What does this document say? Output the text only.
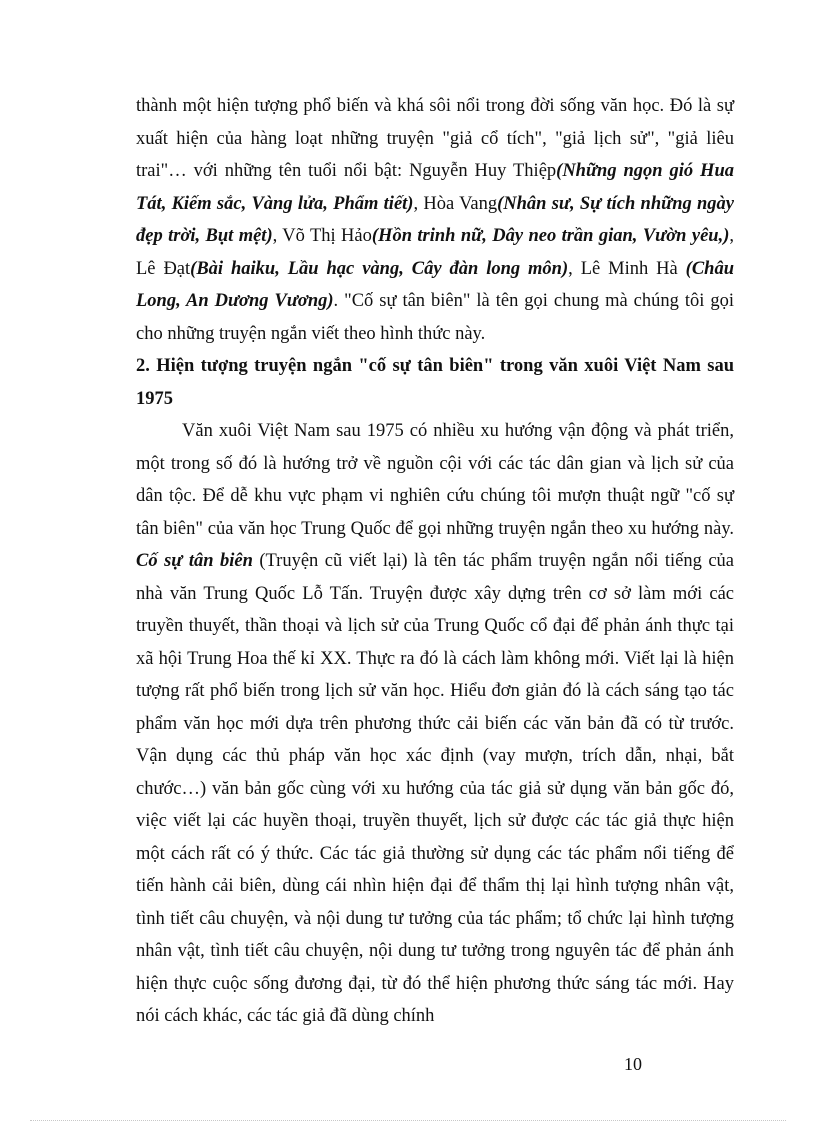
thành một hiện tượng phổ biến và khá sôi nổi trong đời sống văn học. Đó là sự xuất hiện của hàng loạt những truyện "giả cổ tích", "giả lịch sử", "giả liêu trai"… với những tên tuổi nổi bật: Nguyễn Huy Thiệp(Những ngọn gió Hua Tát, Kiếm sắc, Vàng lửa, Phẩm tiết), Hòa Vang(Nhân sư, Sự tích những ngày đẹp trời, Bụt mệt), Võ Thị Hảo(Hồn trinh nữ, Dây neo trần gian, Vườn yêu,), Lê Đạt(Bài haiku, Lầu hạc vàng, Cây đàn long môn), Lê Minh Hà (Châu Long, An Dương Vương). "Cố sự tân biên" là tên gọi chung mà chúng tôi gọi cho những truyện ngắn viết theo hình thức này.

2. Hiện tượng truyện ngắn "cố sự tân biên" trong văn xuôi Việt Nam sau 1975

Văn xuôi Việt Nam sau 1975 có nhiều xu hướng vận động và phát triển, một trong số đó là hướng trở về nguồn cội với các tác dân gian và lịch sử của dân tộc. Để dễ khu vực phạm vi nghiên cứu chúng tôi mượn thuật ngữ "cố sự tân biên" của văn học Trung Quốc để gọi những truyện ngắn theo xu hướng này. Cố sự tân biên (Truyện cũ viết lại) là tên tác phẩm truyện ngắn nổi tiếng của nhà văn Trung Quốc Lỗ Tấn. Truyện được xây dựng trên cơ sở làm mới các truyền thuyết, thần thoại và lịch sử của Trung Quốc cổ đại để phản ánh thực tại xã hội Trung Hoa thế kỉ XX. Thực ra đó là cách làm không mới. Viết lại là hiện tượng rất phổ biến trong lịch sử văn học. Hiểu đơn giản đó là cách sáng tạo tác phẩm văn học mới dựa trên phương thức cải biến các văn bản đã có từ trước. Vận dụng các thủ pháp văn học xác định (vay mượn, trích dẫn, nhại, bắt chước…) văn bản gốc cùng với xu hướng của tác giả sử dụng văn bản gốc đó, việc viết lại các huyền thoại, truyền thuyết, lịch sử được các tác giả thực hiện một cách rất có ý thức. Các tác giả thường sử dụng các tác phẩm nổi tiếng để tiến hành cải biên, dùng cái nhìn hiện đại để thẩm thị lại hình tượng nhân vật, tình tiết câu chuyện, và nội dung tư tưởng của tác phẩm; tổ chức lại hình tượng nhân vật, tình tiết câu chuyện, nội dung tư tưởng trong nguyên tác để phản ánh hiện thực cuộc sống đương đại, từ đó thể hiện phương thức sáng tác mới. Hay nói cách khác, các tác giả đã dùng chính

10
